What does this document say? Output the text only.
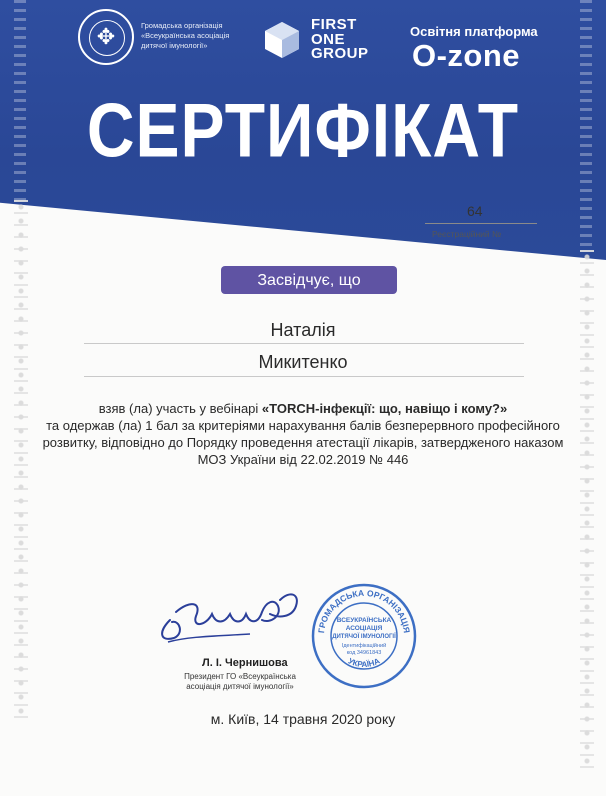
✥	Громадська організація «Всеукраїнська асоціація дитячої імунології»
FIRST
ONE
GROUP
Освітня платформа
O-zone
СЕРТИФІКАТ
64
Реєстраційний №
Засвідчує, що
Наталія
Микитенко
взяв (ла) участь у вебінарі «TORCH-інфекції: що, навіщо і кому?»
та одержав (ла) 1 бал за критеріями нарахування балів безперервного професійного розвитку, відповідно до Порядку проведення атестації лікарів, затвердженого наказом МОЗ України від 22.02.2019 № 446
Л. І. Чернишова
Президент ГО «Всеукраїнська асоціація дитячої імунології»
ГРОМАДСЬКА ОРГАНІЗАЦІЯ
УКРАЇНА
ВСЕУКРАЇНСЬКА
АСОЦІАЦІЯ
ДИТЯЧОЇ ІМУНОЛОГІЇ
Ідентифікаційний
код 34961843
м. Київ, 14 травня 2020 року
